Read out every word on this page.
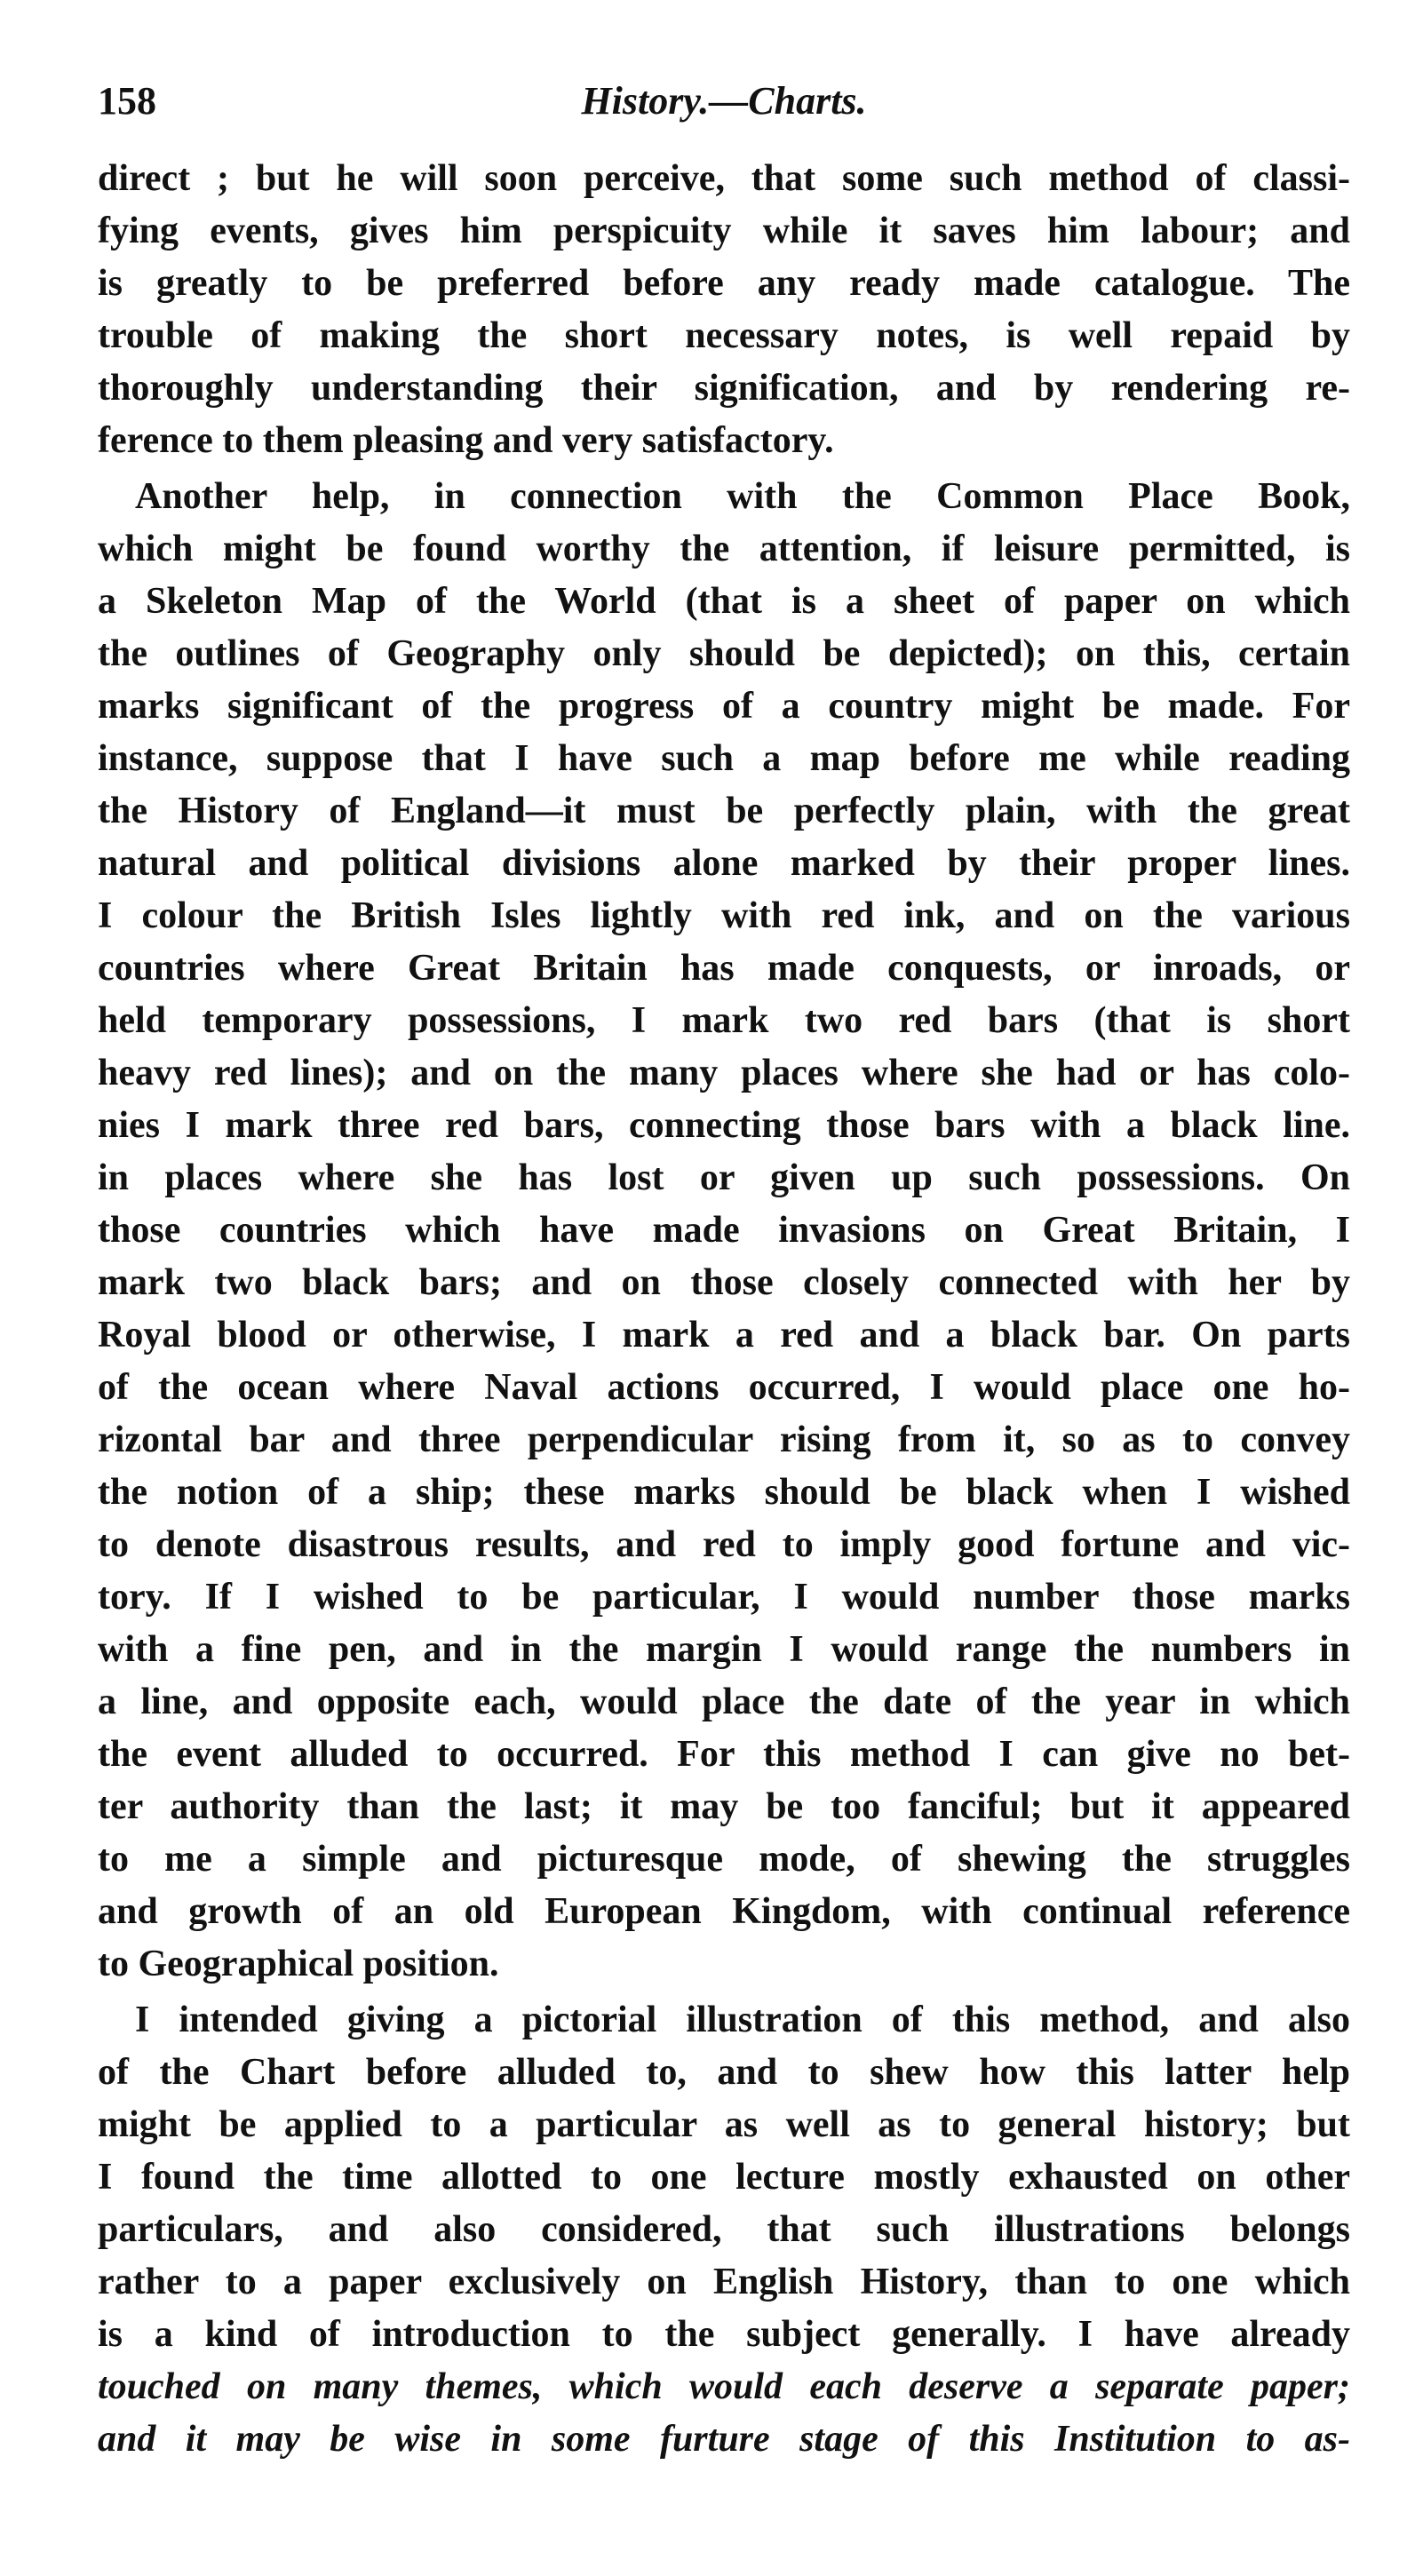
158	History.—Charts.
direct ; but he will soon perceive, that some such method of classi-
fying events, gives him perspicuity while it saves him labour; and
is greatly to be preferred before any ready made catalogue. The
trouble of making the short necessary notes, is well repaid by
thoroughly understanding their signification, and by rendering re-
ference to them pleasing and very satisfactory.
Another help, in connection with the Common Place Book,
which might be found worthy the attention, if leisure permitted, is
a Skeleton Map of the World (that is a sheet of paper on which
the outlines of Geography only should be depicted); on this, certain
marks significant of the progress of a country might be made. For
instance, suppose that I have such a map before me while reading
the History of England—it must be perfectly plain, with the great
natural and political divisions alone marked by their proper lines.
I colour the British Isles lightly with red ink, and on the various
countries where Great Britain has made conquests, or inroads, or
held temporary possessions, I mark two red bars (that is short
heavy red lines); and on the many places where she had or has colo-
nies I mark three red bars, connecting those bars with a black line.
in places where she has lost or given up such possessions. On
those countries which have made invasions on Great Britain, I
mark two black bars; and on those closely connected with her by
Royal blood or otherwise, I mark a red and a black bar. On parts
of the ocean where Naval actions occurred, I would place one ho-
rizontal bar and three perpendicular rising from it, so as to convey
the notion of a ship; these marks should be black when I wished
to denote disastrous results, and red to imply good fortune and vic-
tory. If I wished to be particular, I would number those marks
with a fine pen, and in the margin I would range the numbers in
a line, and opposite each, would place the date of the year in which
the event alluded to occurred. For this method I can give no bet-
ter authority than the last; it may be too fanciful; but it appeared
to me a simple and picturesque mode, of shewing the struggles
and growth of an old European Kingdom, with continual reference
to Geographical position.
I intended giving a pictorial illustration of this method, and also
of the Chart before alluded to, and to shew how this latter help
might be applied to a particular as well as to general history; but
I found the time allotted to one lecture mostly exhausted on other
particulars, and also considered, that such illustrations belongs
rather to a paper exclusively on English History, than to one which
is a kind of introduction to the subject generally. I have already
touched on many themes, which would each deserve a separate paper;
and it may be wise in some furture stage of this Institution to as-
